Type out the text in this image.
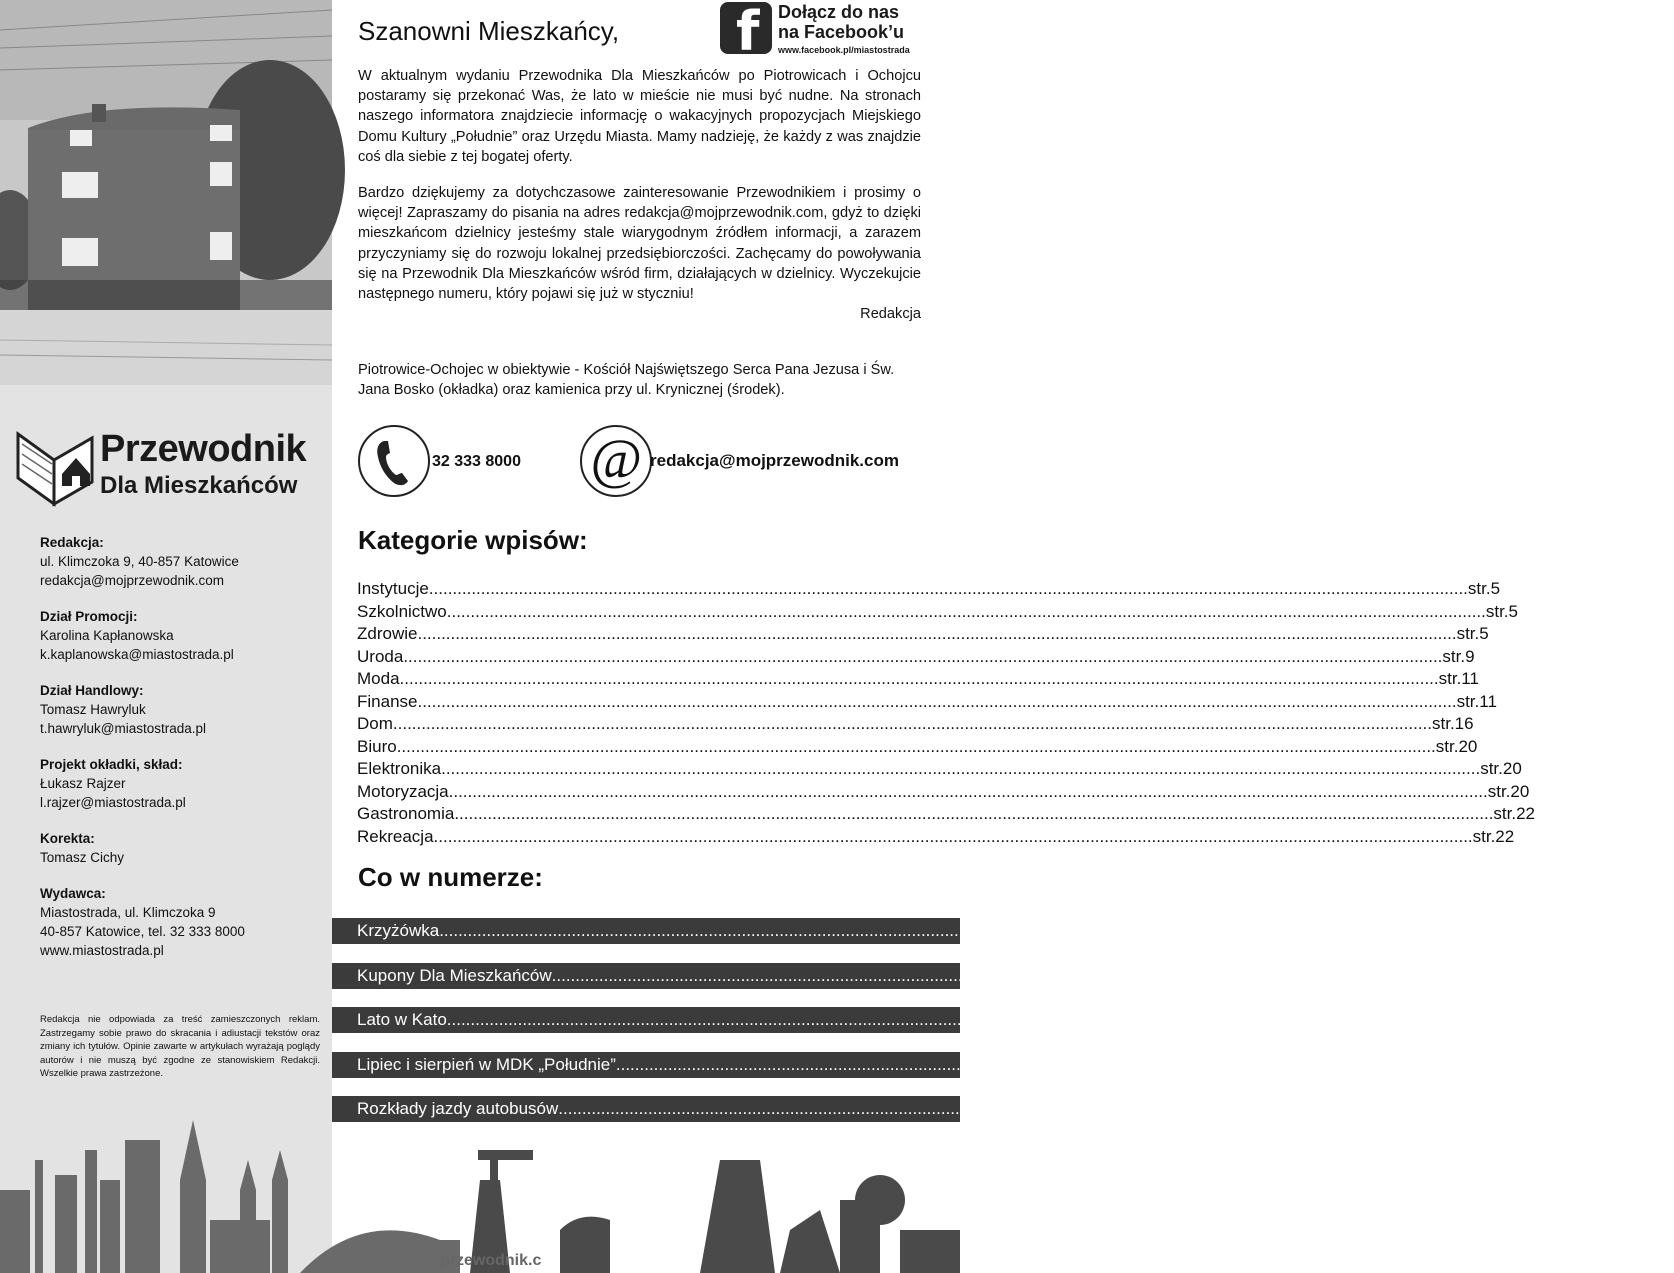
Przewodnik
Dla Mieszkańców
Redakcja:
ul. Klimczoka 9, 40-857 Katowice
redakcja@mojprzewodnik.com
Dział Promocji:
Karolina Kapłanowska
k.kaplanowska@miastostrada.pl
Dział Handlowy:
Tomasz Hawryluk
t.hawryluk@miastostrada.pl
Projekt okładki, skład:
Łukasz Rajzer
l.rajzer@miastostrada.pl
Korekta:
Tomasz Cichy
Wydawca:
Miastostrada, ul. Klimczoka 9
40-857 Katowice, tel. 32 333 8000
www.miastostrada.pl
Redakcja nie odpowiada za treść zamieszczonych reklam. Zastrzegamy sobie prawo do skracania i adiustacji tekstów oraz zmiany ich tytułów. Opinie zawarte w artykułach wyrażają poglądy autorów i nie muszą być zgodne ze stanowiskiem Redakcji. Wszelkie prawa zastrzeżone.
Szanowni Mieszkańcy, f Dołącz do nas
na Facebook’u
www.facebook.pl/miastostrada

W aktualnym wydaniu Przewodnika Dla Mieszkańców po Piotrowicach i Ochojcu postaramy się przekonać Was, że lato w mieście nie musi być nudne. Na stronach naszego informatora znajdziecie informację o wakacyjnych propozycjach Miejskiego Domu Kultury „Południe” oraz Urzędu Miasta. Mamy nadzieję, że każdy z was znajdzie coś dla siebie z tej bogatej oferty.

Bardzo dziękujemy za dotychczasowe zainteresowanie Przewodnikiem i prosimy o więcej! Zapraszamy do pisania na adres redakcja@mojprzewodnik.com, gdyż to dzięki mieszkańcom dzielnicy jesteśmy stale wiarygodnym źródłem informacji, a zarazem przyczyniamy się do rozwoju lokalnej przedsiębiorczości. Zachęcamy do powoływania się na Przewodnik Dla Mieszkańców wśród firm, działających w dzielnicy. Wyczekujcie następnego numeru, który pojawi się już w styczniu!

Redakcja
Piotrowice-Ochojec w obiektywie - Kościół Najświętszego Serca Pana Jezusa i Św. Jana Bosko (okładka) oraz kamienica przy ul. Krynicznej (środek).
32 333 8000 @ redakcja@mojprzewodnik.com
Kategorie wpisów:
Instytucje ............................................................................................................................................................................................................................ str.5
Szkolnictwo ............................................................................................................................................................................................................................ str.5
Zdrowie ............................................................................................................................................................................................................................ str.5
Uroda ............................................................................................................................................................................................................................ str.9
Moda ............................................................................................................................................................................................................................ str.11
Finanse ............................................................................................................................................................................................................................ str.11
Dom ............................................................................................................................................................................................................................ str.16
Biuro ............................................................................................................................................................................................................................ str.20
Elektronika ............................................................................................................................................................................................................................ str.20
Motoryzacja ............................................................................................................................................................................................................................ str.20
Gastronomia ............................................................................................................................................................................................................................ str.22
Rekreacja ............................................................................................................................................................................................................................ str.22
Co w numerze:
Krzyżówka ............................................................................................................................................................................................................................ 13
Kupony Dla Mieszkańców ............................................................................................................................................................................................................................ 15
Lato w Kato ............................................................................................................................................................................................................................ 17
Lipiec i sierpień w MDK „Południe” ............................................................................................................................................................................................................................ 21
Rozkłady jazdy autobusów ............................................................................................................................................................................................................................ 24, 26
przewodnik.c
